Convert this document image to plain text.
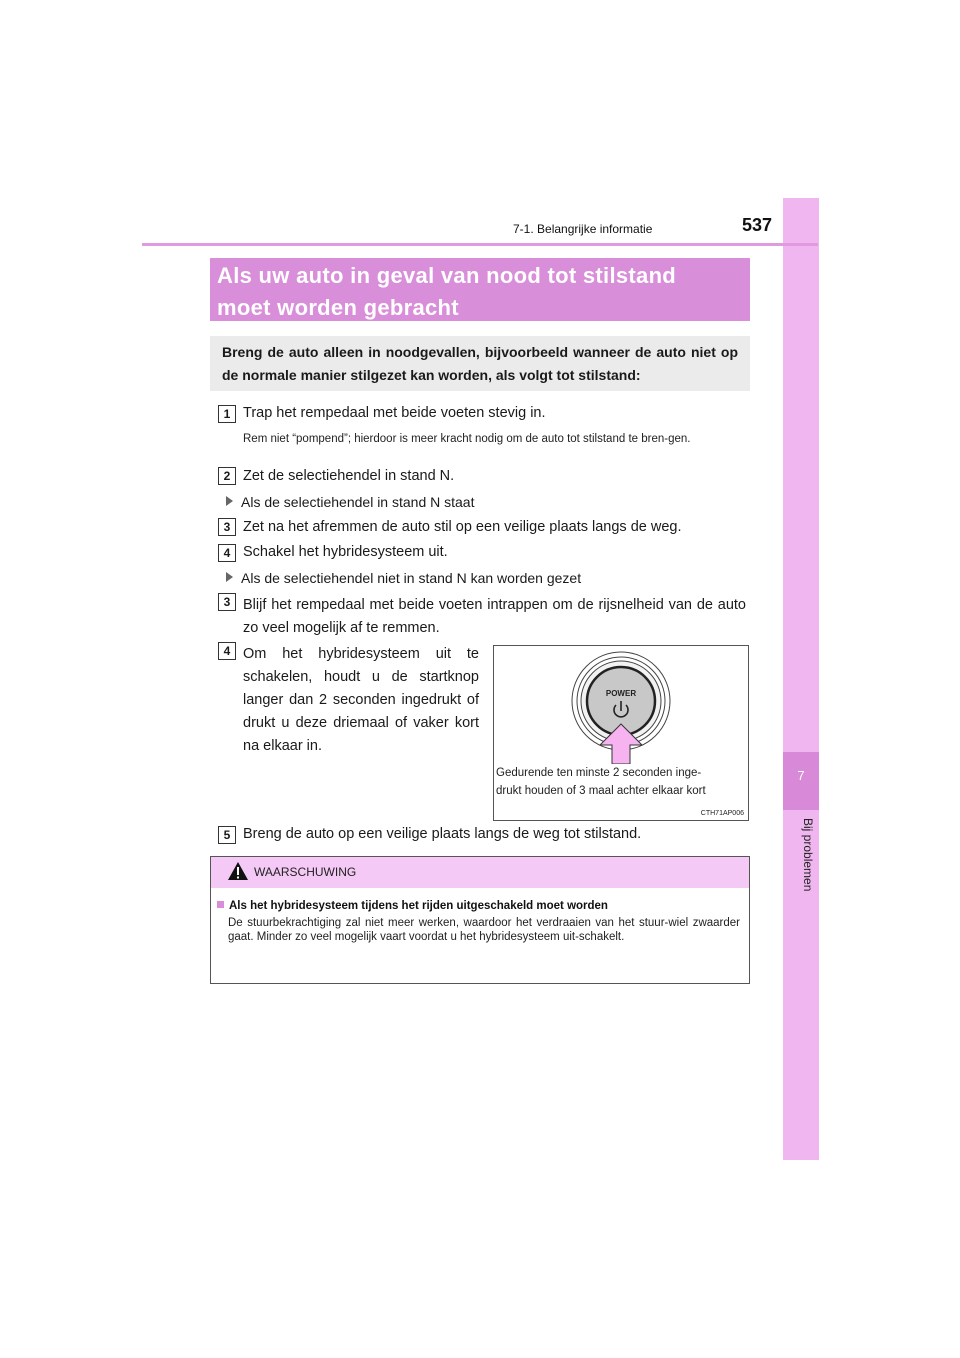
7
Bij problemen
7-1. Belangrijke informatie	537
Als uw auto in geval van nood tot stilstand
moet worden gebracht
Breng de auto alleen in noodgevallen, bijvoorbeeld wanneer de auto niet op de normale manier stilgezet kan worden, als volgt tot stilstand:
1 Trap het rempedaal met beide voeten stevig in.
Rem niet “pompend”; hierdoor is meer kracht nodig om de auto tot stilstand te bren-gen.
2 Zet de selectiehendel in stand N.
Als de selectiehendel in stand N staat
3 Zet na het afremmen de auto stil op een veilige plaats langs de weg.
4 Schakel het hybridesysteem uit.
Als de selectiehendel niet in stand N kan worden gezet
3 Blijf het rempedaal met beide voeten intrappen om de rijsnelheid van de auto zo veel mogelijk af te remmen.
4 Om het hybridesysteem uit te schakelen, houdt u de startknop langer dan 2 seconden ingedrukt of drukt u deze driemaal of vaker kort na elkaar in.
POWER
Gedurende ten minste 2 seconden inge-
drukt houden of 3 maal achter elkaar kort
CTH71AP006
5 Breng de auto op een veilige plaats langs de weg tot stilstand.
WAARSCHUWING
Als het hybridesysteem tijdens het rijden uitgeschakeld moet worden
De stuurbekrachtiging zal niet meer werken, waardoor het verdraaien van het stuur-wiel zwaarder gaat. Minder zo veel mogelijk vaart voordat u het hybridesysteem uit-schakelt.
